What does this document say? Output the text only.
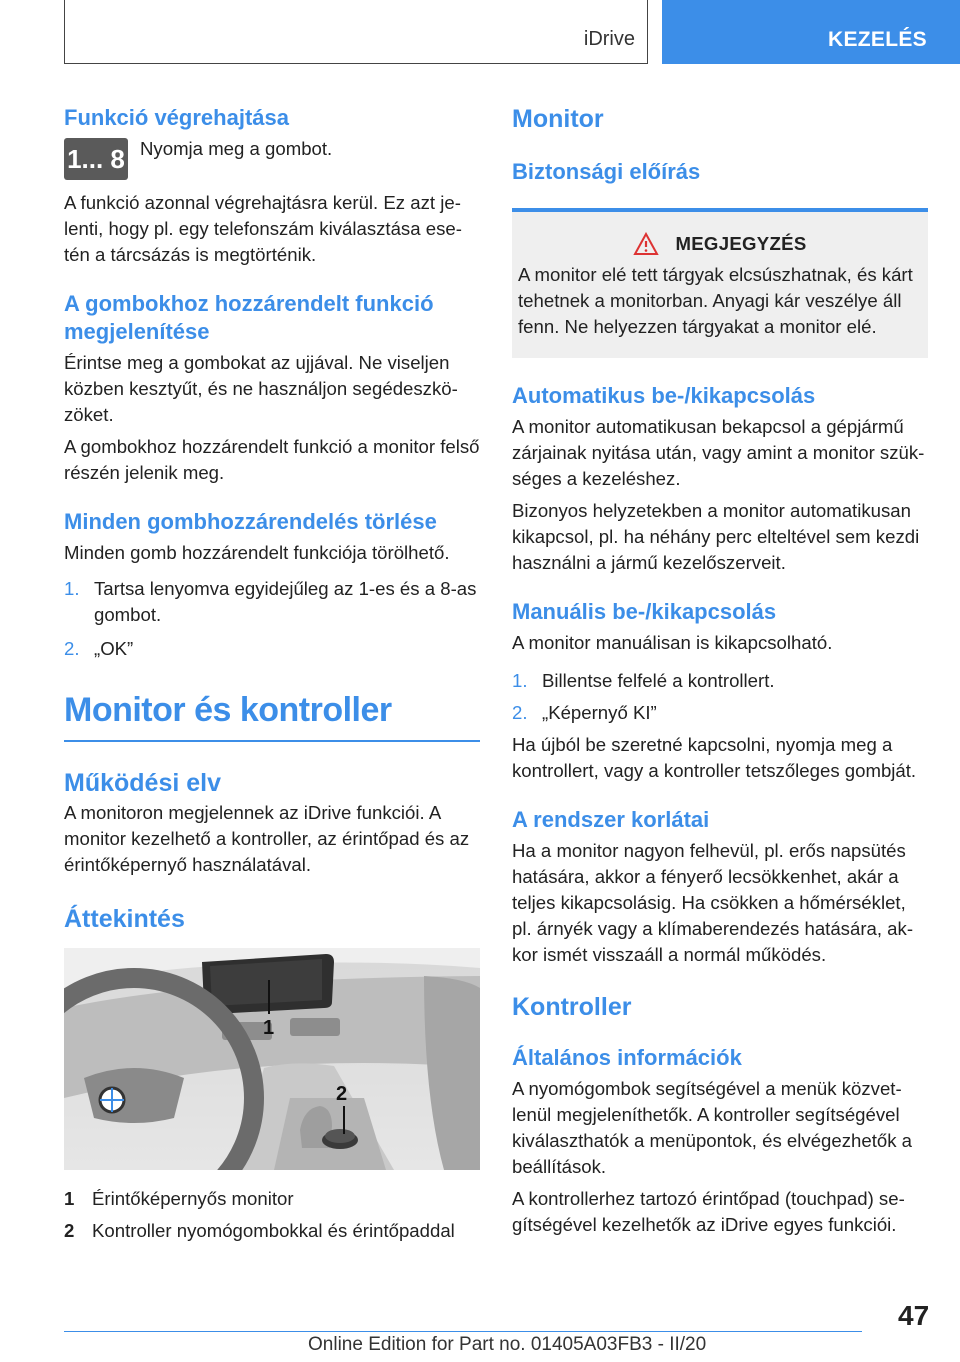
iDrive	KEZELÉS
Funkció végrehajtása
1... 8 Nyomja meg a gombot.

A funkció azonnal végrehajtásra kerül. Ez azt jelenti, hogy pl. egy telefonszám kiválasztása esetén a tárcsázás is megtörténik.

A gombokhoz hozzárendelt funkció megjelenítése

Érintse meg a gombokat az ujjával. Ne viseljen közben kesztyűt, és ne használjon segédeszközöket.

A gombokhoz hozzárendelt funkció a monitor felső részén jelenik meg.

Minden gombhozzárendelés törlése

Minden gomb hozzárendelt funkciója törölhető.

1. Tartsa lenyomva egyidejűleg az 1-es és a 8-as gombot.
2. „OK”
Monitor és kontroller
Működési elv

A monitoron megjelennek az iDrive funkciói. A monitor kezelhető a kontroller, az érintőpad és az érintőképernyő használatával.

Áttekintés
1
2
1 Érintőképernyős monitor
2 Kontroller nyomógombokkal és érintőpaddal
Monitor
Biztonsági előírás
MEGJEGYZÉS

A monitor elé tett tárgyak elcsúszhatnak, és kárt tehetnek a monitorban. Anyagi kár veszélye áll fenn. Ne helyezzen tárgyakat a monitor elé.

Automatikus be-/kikapcsolás

A monitor automatikusan bekapcsol a gépjármű zárjainak nyitása után, vagy amint a monitor szükséges a kezeléshez.

Bizonyos helyzetekben a monitor automatikusan kikapcsol, pl. ha néhány perc elteltével sem kezdi használni a jármű kezelőszerveit.

Manuális be-/kikapcsolás

A monitor manuálisan is kikapcsolható.

1. Billentse felfelé a kontrollert.
2. „Képernyő KI”

Ha újból be szeretné kapcsolni, nyomja meg a kontrollert, vagy a kontroller tetszőleges gombját.

A rendszer korlátai

Ha a monitor nagyon felhevül, pl. erős napsütés hatására, akkor a fényerő lecsökkenhet, akár a teljes kikapcsolásig. Ha csökken a hőmérséklet, pl. árnyék vagy a klímaberendezés hatására, akkor ismét visszaáll a normál működés.

Kontroller
Általános információk

A nyomógombok segítségével a menük közvetlenül megjeleníthetők. A kontroller segítségével kiválaszthatók a menüpontok, és elvégezhetők a beállítások.

A kontrollerhez tartozó érintőpad (touchpad) segítségével kezelhetők az iDrive egyes funkciói.

47
Online Edition for Part no. 01405A03FB3 - II/20
